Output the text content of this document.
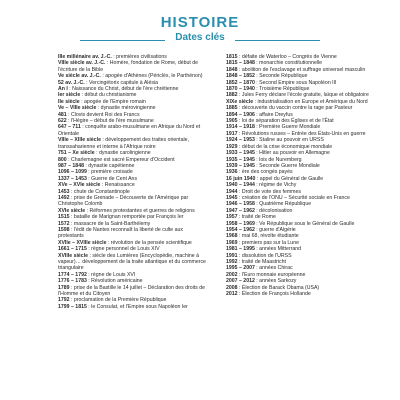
HISTOIRE
Dates clés
IIIe millénaire av. J.-C. : premières civilisations
VIIIe siècle av. J.-C. : Homère, fondation de Rome, début de l'écriture de la Bible
Ve siècle av. J.-C. : apogée d'Athènes (Périclès, le Parthénon)
52 av. J.-C. : Vercingétorix capitule à Alésia
An I : Naissance du Christ, début de l'ère chrétienne
Ier siècle : début du christianisme
IIe siècle : apogée de l'Empire romain
Ve – VIIIe siècle : dynastie mérovingienne
481 : Clovis devient Roi des Francs
622 : l'Hégire – début de l'ère musulmane
647 – 711 : conquête arabo-musulmane en Afrique du Nord et Orientale
VIIIe – XIIIe siècle : développement des traites orientale, transsaharienne et interne à l'Afrique noire
751 – Xe siècle : dynastie carolingienne
800 : Charlemagne est sacré Empereur d'Occident
987 – 1848 : dynastie capétienne
1096 – 1099 : première croisade
1337 – 1453 : Guerre de Cent Ans
XVe – XVIe siècle : Renaissance
1453 : chute de Constantinople
1492 : prise de Grenade – Découverte de l'Amérique par Christophe Colomb
XVIe siècle : Réformes protestantes et guerres de religions
1515 : bataille de Marignan remportée par François Ier
1572 : massacre de la Saint-Barthélemy
1598 : l'édit de Nantes reconnaît la liberté de culte aux protestants
XVIIe – XVIIIe siècle : révolution de la pensée scientifique
1661 – 1715 : règne personnel de Louis XIV
XVIIIe siècle : siècle des Lumières (Encyclopédie, machine à vapeur)… développement de la traite atlantique et du commerce triangulaire
1774 – 1792 : règne de Louis XVI
1776 – 1783 : Révolution américaine
1789 : prise de la Bastille le 14 juillet – Déclaration des droits de l'Homme et du Citoyen
1792 : proclamation de la Première République
1799 – 1815 : le Consulat, et l'Empire sous Napoléon Ier
1815 : défaite de Waterloo – Congrès de Vienne
1815 – 1848 : monarchie constitutionnelle
1848 : abolition de l'esclavage et suffrage universel masculin
1848 – 1852 : Seconde République
1852 – 1870 : Second Empire sous Napoléon III
1870 – 1940 : Troisième République
1882 : Jules Ferry déclare l'école gratuite, laïque et obligatoire
XIXe siècle : industrialisation en Europe et Amérique du Nord
1885 : découverte du vaccin contre la rage par Pasteur
1894 – 1906 : affaire Dreyfus
1905 : loi de séparation des Églises et de l'État
1914 – 1918 : Première Guerre Mondiale
1917 : Révolutions russes – Entrée des États-Unis en guerre
1924 – 1953 : Staline au pouvoir en URSS
1929 : début de la crise économique mondiale
1933 – 1945 : Hitler au pouvoir en Allemagne
1935 – 1945 : lois de Nuremberg
1939 – 1945 : Seconde Guerre Mondiale
1936 : ère des congés payés
16 juin 1940 : appel du Général de Gaulle
1940 – 1944 : régime de Vichy
1944 : Droit de vote des femmes
1945 : création de l'ONU – Sécurité sociale en France
1946 – 1958 : Quatrième République
1947 – 1962 : décolonisation
1957 : traité de Rome
1958 – 1969 : Ve République sous le Général de Gaulle
1954 – 1962 : guerre d'Algérie
1968 : mai 68, révolte étudiante
1969 : premiers pas sur la Lune
1981 – 1995 : années Mitterrand
1991 : dissolution de l'URSS
1992 : traité de Maastricht
1995 – 2007 : années Chirac
2002 : l'Euro monnaie européenne
2007 – 2012 : années Sarkozy
2008 : Élection de Barack Obama (USA)
2012 : Élection de François Hollande
